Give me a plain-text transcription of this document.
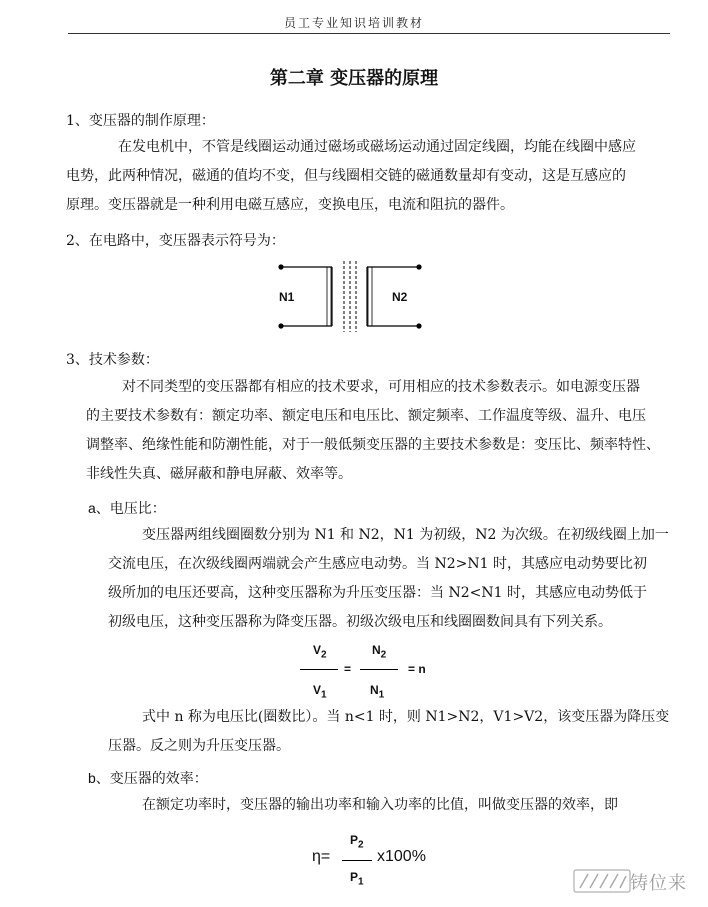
员工专业知识培训教材
第二章 变压器的原理
1、变压器的制作原理：
在发电机中，不管是线圈运动通过磁场或磁场运动通过固定线圈，均能在线圈中感应
电势，此两种情况，磁通的值均不变，但与线圈相交链的磁通数量却有变动，这是互感应的
原理。变压器就是一种利用电磁互感应，变换电压，电流和阻抗的器件。
2、在电路中，变压器表示符号为：
N1	N2
3、技术参数：
对不同类型的变压器都有相应的技术要求，可用相应的技术参数表示。如电源变压器
的主要技术参数有：额定功率、额定电压和电压比、额定频率、工作温度等级、温升、电压
调整率、绝缘性能和防潮性能，对于一般低频变压器的主要技术参数是：变压比、频率特性、
非线性失真、磁屏蔽和静电屏蔽、效率等。
a、电压比：
变压器两组线圈圈数分别为 N1 和 N2，N1 为初级，N2 为次级。在初级线圈上加一
交流电压，在次级线圈两端就会产生感应电动势。当 N2>N1 时，其感应电动势要比初
级所加的电压还要高，这种变压器称为升压变压器：当 N2<N1 时，其感应电动势低于
初级电压，这种变压器称为降变压器。初级次级电压和线圈圈数间具有下列关系。
$V_2$
$V_1$
=
$N_2$
$N_1$
= n
式中 n 称为电压比(圈数比）。当 n<1 时，则 N1>N2，V1>V2，该变压器为降压变
压器。反之则为升压变压器。
b、变压器的效率：
在额定功率时，变压器的输出功率和输入功率的比值，叫做变压器的效率，即
η=
$P_2$
$P_1$
x100%
铸位来
